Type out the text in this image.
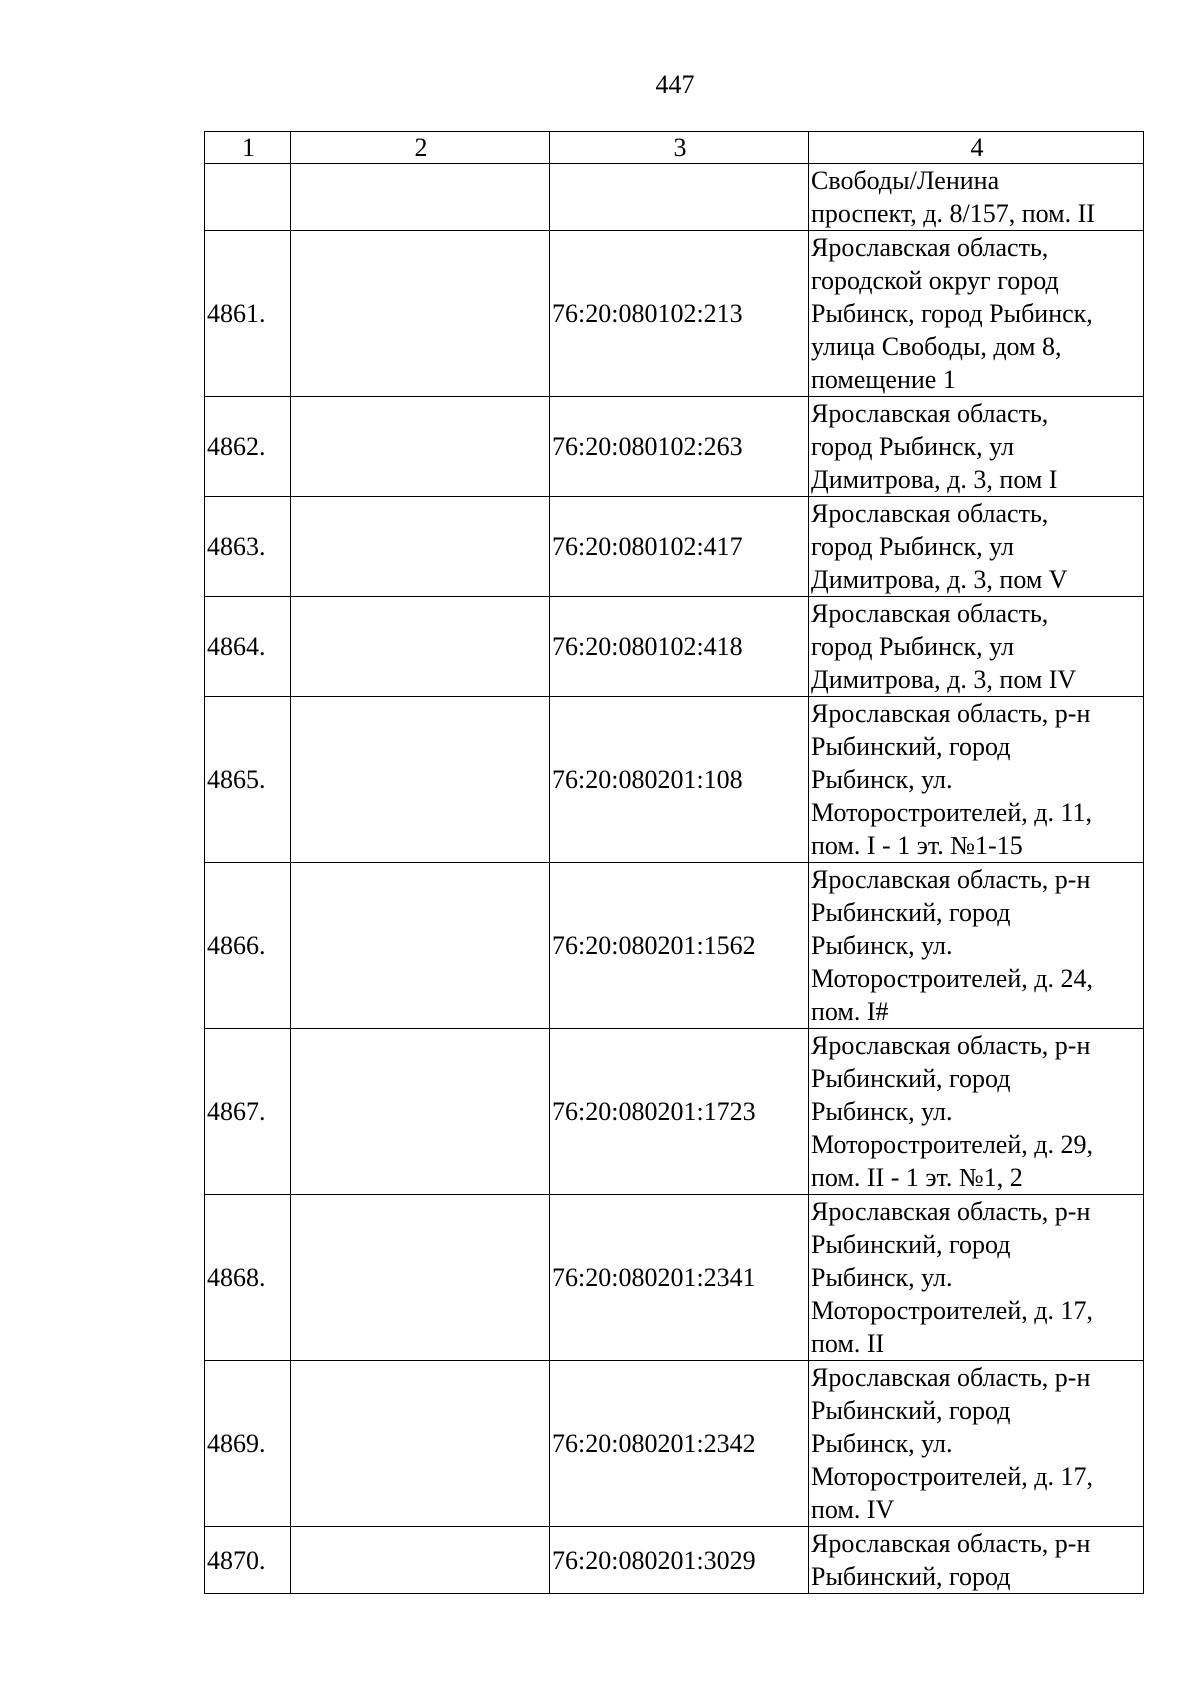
447
1	2	3	4
			Свободы/Ленина
проспект, д. 8/157, пом. II
4861.		76:20:080102:213	Ярославская область,
городской округ город
Рыбинск, город Рыбинск,
улица Свободы, дом 8,
помещение 1
4862.		76:20:080102:263	Ярославская область,
город Рыбинск, ул
Димитрова, д. 3, пом I
4863.		76:20:080102:417	Ярославская область,
город Рыбинск, ул
Димитрова, д. 3, пом V
4864.		76:20:080102:418	Ярославская область,
город Рыбинск, ул
Димитрова, д. 3, пом IV
4865.		76:20:080201:108	Ярославская область, р-н
Рыбинский, город
Рыбинск, ул.
Моторостроителей, д. 11,
пом. I - 1 эт. №1-15
4866.		76:20:080201:1562	Ярославская область, р-н
Рыбинский, город
Рыбинск, ул.
Моторостроителей, д. 24,
пом. I#
4867.		76:20:080201:1723	Ярославская область, р-н
Рыбинский, город
Рыбинск, ул.
Моторостроителей, д. 29,
пом. II - 1 эт. №1, 2
4868.		76:20:080201:2341	Ярославская область, р-н
Рыбинский, город
Рыбинск, ул.
Моторостроителей, д. 17,
пом. II
4869.		76:20:080201:2342	Ярославская область, р-н
Рыбинский, город
Рыбинск, ул.
Моторостроителей, д. 17,
пом. IV
4870.		76:20:080201:3029	Ярославская область, р-н
Рыбинский, город
